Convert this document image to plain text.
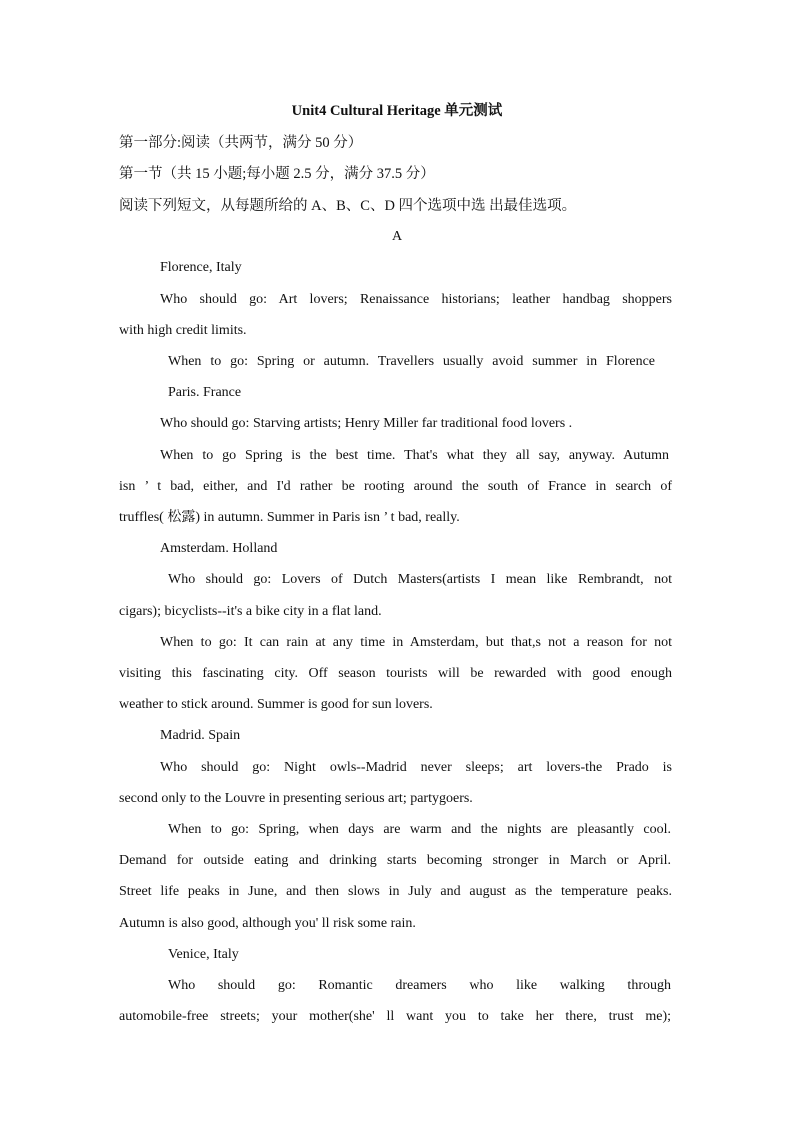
Unit4 Cultural Heritage 单元测试
第一部分:阅读（共两节，满分 50 分）
第一节（共 15 小题;每小题 2.5 分，满分 37.5 分）
阅读下列短文，从每题所给的 A、B、C、D 四个选项中选 出最佳选项。
A
Florence, Italy
Who should go: Art lovers; Renaissance historians; leather handbag shoppers
with high credit limits.
When to go: Spring or autumn. Travellers usually avoid summer in Florence
Paris. France
Who should go: Starving artists; Henry Miller far traditional food lovers .
When to go Spring is the best time. That's what they all say, anyway. Autumn
isn ’ t bad, either, and I'd rather be rooting around the south of France in search of
truffles( 松露) in autumn. Summer in Paris isn ’ t bad, really.
Amsterdam. Holland
Who should go: Lovers of Dutch Masters(artists I mean like Rembrandt, not
cigars); bicyclists--it's a bike city in a flat land.
When to go: It can rain at any time in Amsterdam, but that,s not a reason for not
visiting this fascinating city. Off season tourists will be rewarded with good enough
weather to stick around. Summer is good for sun lovers.
Madrid. Spain
Who should go: Night owls--Madrid never sleeps; art lovers-the Prado is
second only to the Louvre in presenting serious art; partygoers.
When to go: Spring, when days are warm and the nights are pleasantly cool.
Demand for outside eating and drinking starts becoming stronger in March or April.
Street life peaks in June, and then slows in July and august as the temperature peaks.
Autumn is also good, although you' ll risk some rain.
Venice, Italy
Who should go: Romantic dreamers who like walking through
automobile-free streets; your mother(she' ll want you to take her there, trust me);
